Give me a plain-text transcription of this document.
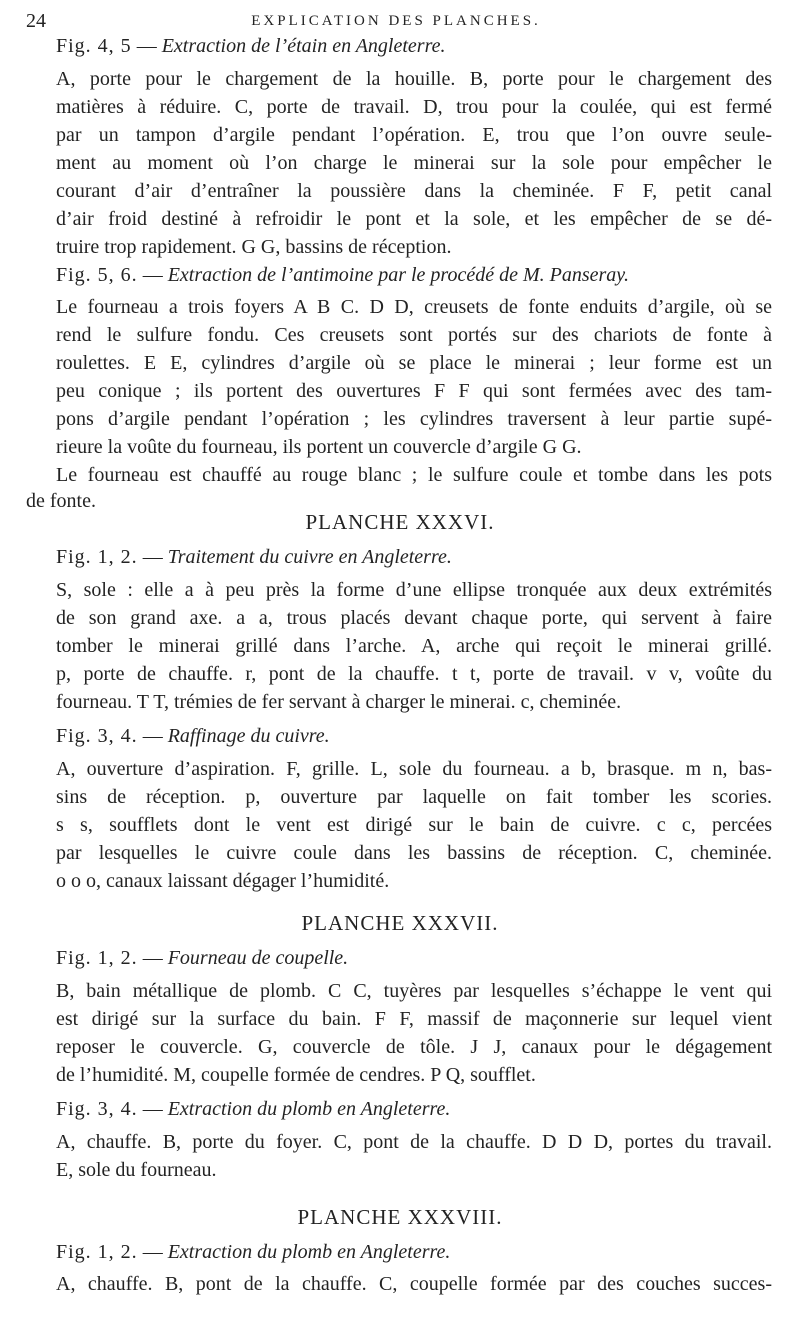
24	EXPLICATION DES PLANCHES.
Fig. 4, 5 — Extraction de l’étain en Angleterre.
A, porte pour le chargement de la houille. B, porte pour le chargement des
matières à réduire. C, porte de travail. D, trou pour la coulée, qui est fermé
par un tampon d’argile pendant l’opération. E, trou que l’on ouvre seule-
ment au moment où l’on charge le minerai sur la sole pour empêcher le
courant d’air d’entraîner la poussière dans la cheminée. F F, petit canal
d’air froid destiné à refroidir le pont et la sole, et les empêcher de se dé-
truire trop rapidement. G G, bassins de réception.
Fig. 5, 6. — Extraction de l’antimoine par le procédé de M. Panseray.
Le fourneau a trois foyers A B C. D D, creusets de fonte enduits d’argile, où se
rend le sulfure fondu. Ces creusets sont portés sur des chariots de fonte à
roulettes. E E, cylindres d’argile où se place le minerai ; leur forme est un
peu conique ; ils portent des ouvertures F F qui sont fermées avec des tam-
pons d’argile pendant l’opération ; les cylindres traversent à leur partie supé-
rieure la voûte du fourneau, ils portent un couvercle d’argile G G.
Le fourneau est chauffé au rouge blanc ; le sulfure coule et tombe dans les pots
de fonte.
PLANCHE XXXVI.
Fig. 1, 2. — Traitement du cuivre en Angleterre.
S, sole : elle a à peu près la forme d’une ellipse tronquée aux deux extrémités
de son grand axe. a a, trous placés devant chaque porte, qui servent à faire
tomber le minerai grillé dans l’arche. A, arche qui reçoit le minerai grillé.
p, porte de chauffe. r, pont de la chauffe. t t, porte de travail. v v, voûte du
fourneau. T T, trémies de fer servant à charger le minerai. c, cheminée.
Fig. 3, 4. — Raffinage du cuivre.
A, ouverture d’aspiration. F, grille. L, sole du fourneau. a b, brasque. m n, bas-
sins de réception. p, ouverture par laquelle on fait tomber les scories.
s s, soufflets dont le vent est dirigé sur le bain de cuivre. c c, percées
par lesquelles le cuivre coule dans les bassins de réception. C, cheminée.
o o o, canaux laissant dégager l’humidité.
PLANCHE XXXVII.
Fig. 1, 2. — Fourneau de coupelle.
B, bain métallique de plomb. C C, tuyères par lesquelles s’échappe le vent qui
est dirigé sur la surface du bain. F F, massif de maçonnerie sur lequel vient
reposer le couvercle. G, couvercle de tôle. J J, canaux pour le dégagement
de l’humidité. M, coupelle formée de cendres. P Q, soufflet.
Fig. 3, 4. — Extraction du plomb en Angleterre.
A, chauffe. B, porte du foyer. C, pont de la chauffe. D D D, portes du travail.
E, sole du fourneau.
PLANCHE XXXVIII.
Fig. 1, 2. — Extraction du plomb en Angleterre.
A, chauffe. B, pont de la chauffe. C, coupelle formée par des couches succes-
